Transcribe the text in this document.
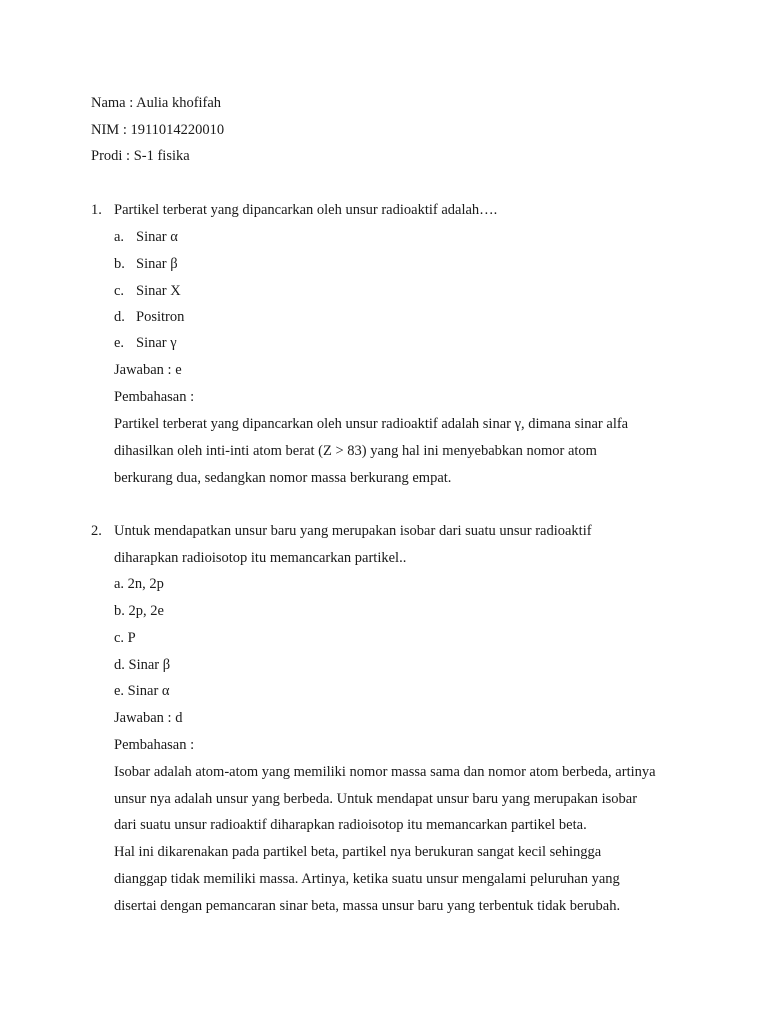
Nama : Aulia khofifah
NIM : 1911014220010
Prodi : S-1 fisika
1. Partikel terberat yang dipancarkan oleh unsur radioaktif adalah….
a. Sinar α
b. Sinar β
c. Sinar X
d. Positron
e. Sinar γ
Jawaban : e
Pembahasan :
Partikel terberat yang dipancarkan oleh unsur radioaktif adalah sinar γ, dimana sinar alfa
dihasilkan oleh inti-inti atom berat (Z > 83) yang hal ini menyebabkan nomor atom
berkurang dua, sedangkan nomor massa berkurang empat.
2. Untuk mendapatkan unsur baru yang merupakan isobar dari suatu unsur radioaktif
diharapkan radioisotop itu memancarkan partikel..
a. 2n, 2p
b. 2p, 2e
c. P
d. Sinar β
e. Sinar α
Jawaban : d
Pembahasan :
Isobar adalah atom-atom yang memiliki nomor massa sama dan nomor atom berbeda, artinya
unsur nya adalah unsur yang berbeda. Untuk mendapat unsur baru yang merupakan isobar
dari suatu unsur radioaktif diharapkan radioisotop itu memancarkan partikel beta.
Hal ini dikarenakan pada partikel beta, partikel nya berukuran sangat kecil sehingga
dianggap tidak memiliki massa. Artinya, ketika suatu unsur mengalami peluruhan yang
disertai dengan pemancaran sinar beta, massa unsur baru yang terbentuk tidak berubah.
